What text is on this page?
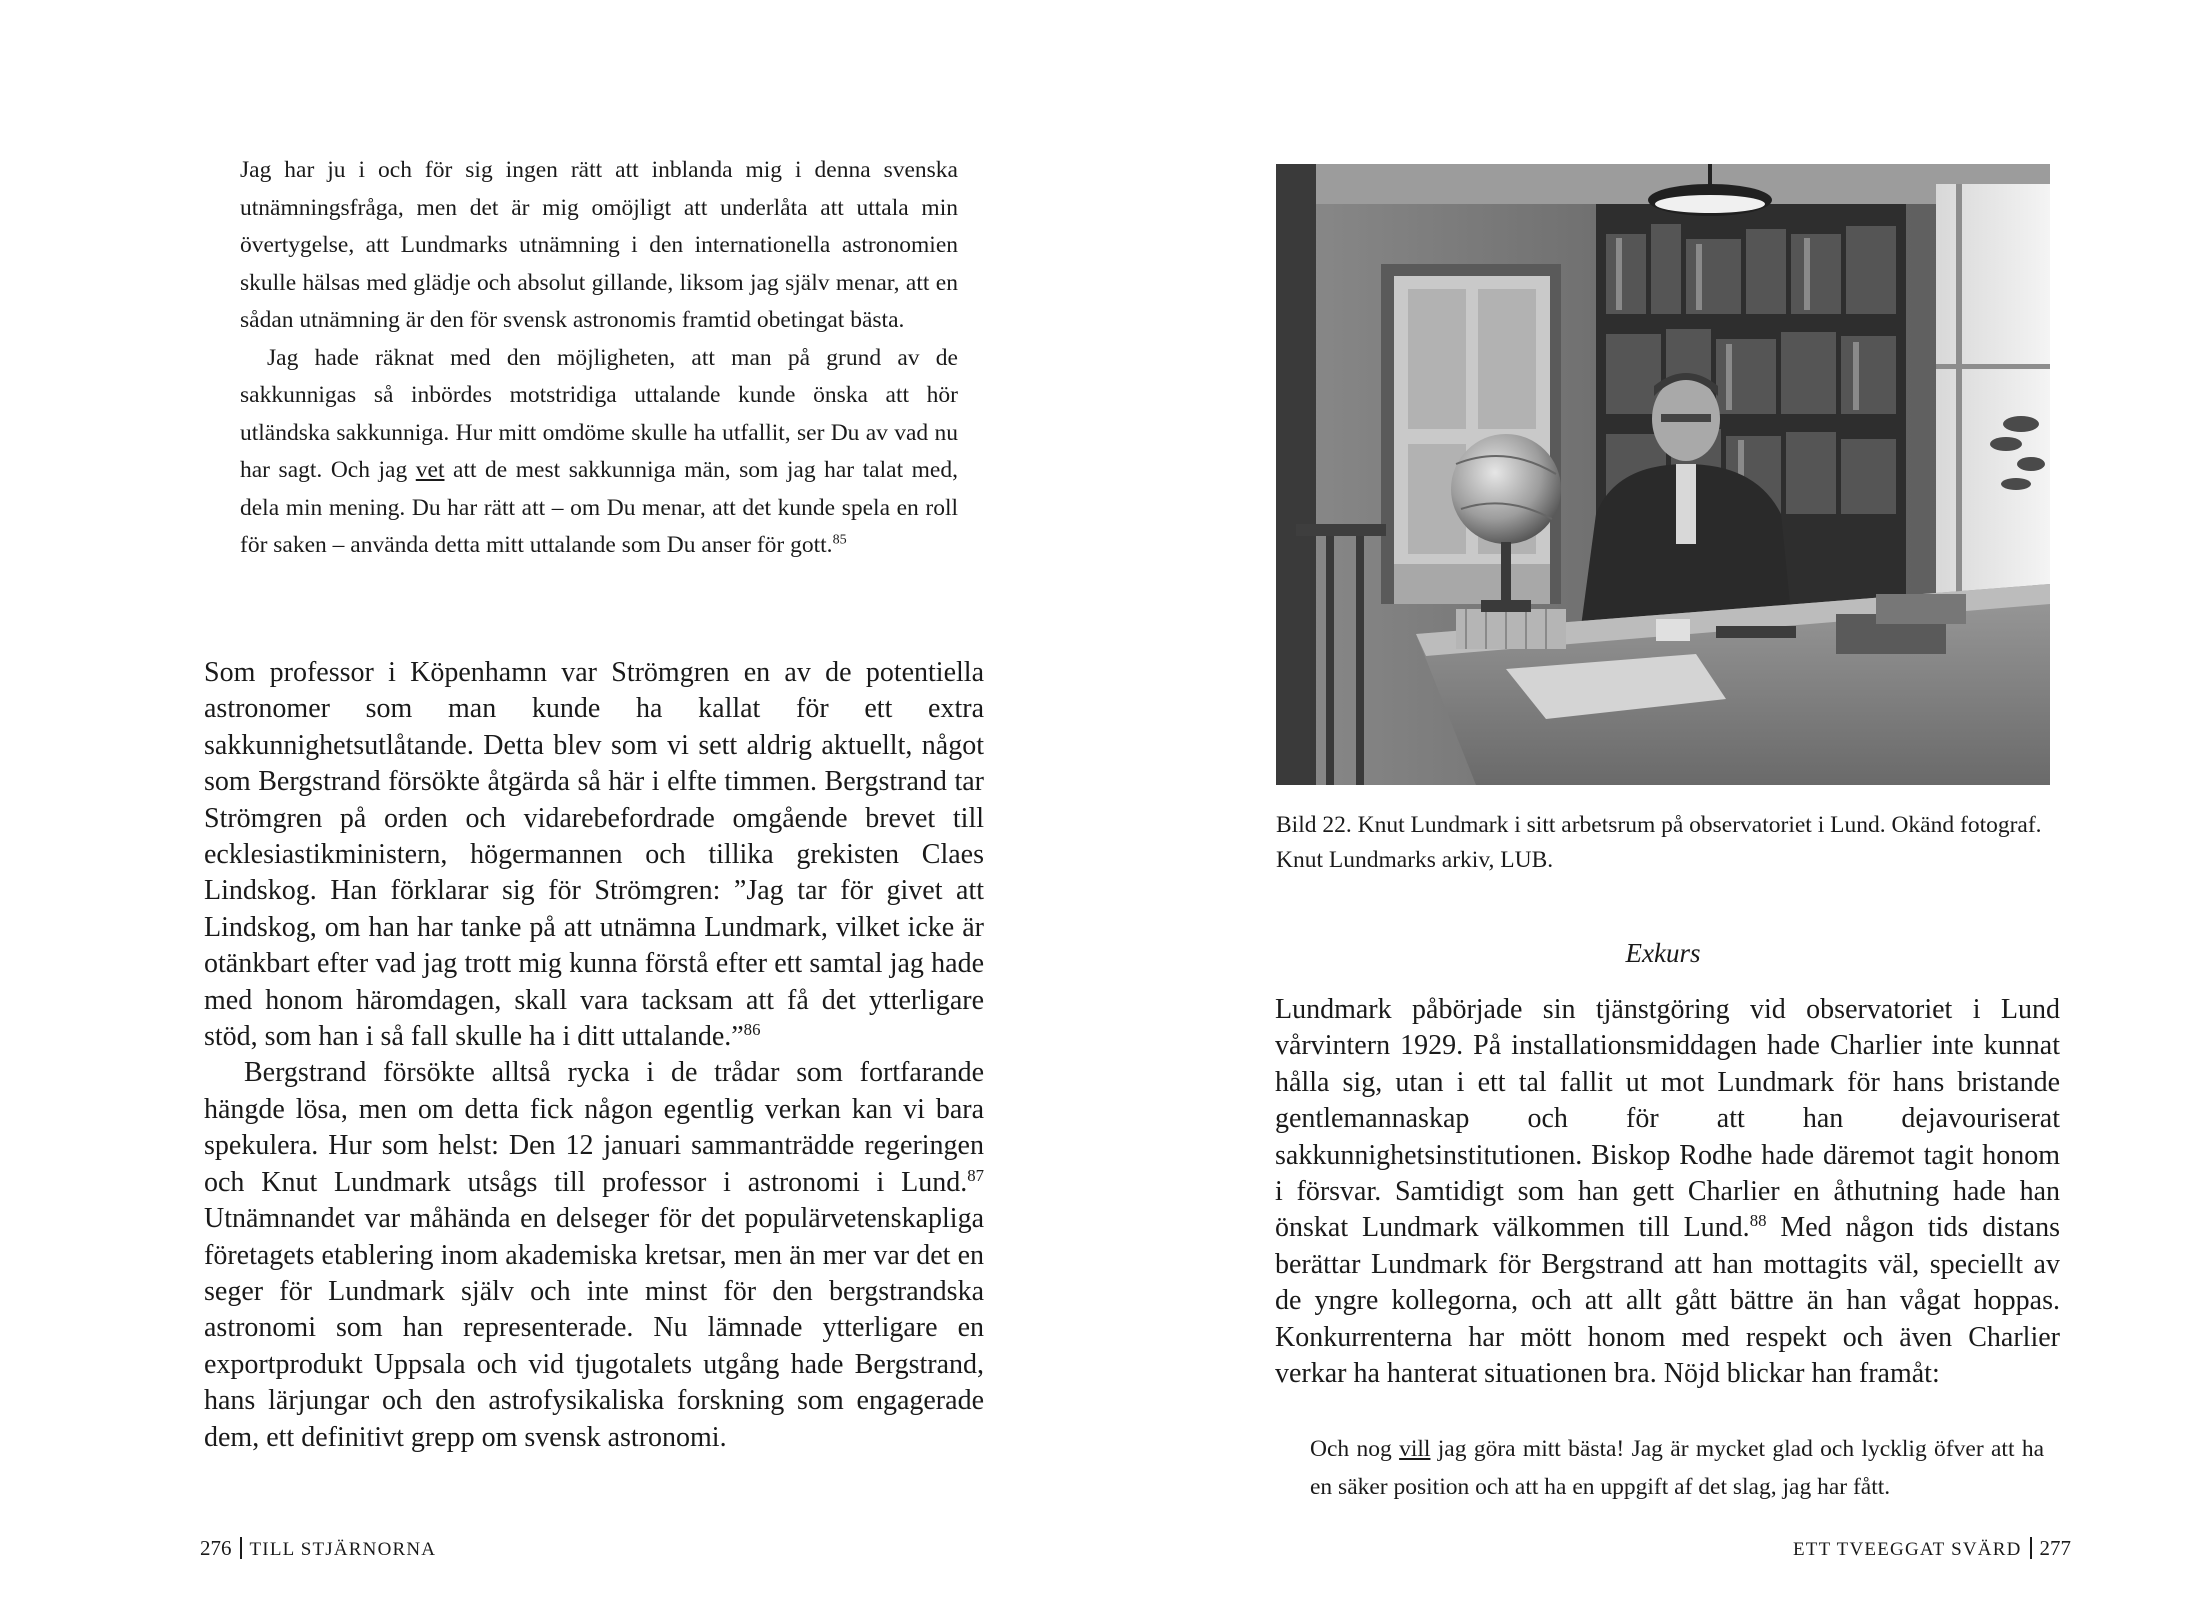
Jag har ju i och för sig ingen rätt att inblanda mig i denna svenska utnämningsfråga, men det är mig omöjligt att underlåta att uttala min övertygelse, att Lundmarks utnämning i den internationella astronomien skulle hälsas med glädje och absolut gillande, liksom jag själv menar, att en sådan utnämning är den för svensk astronomis framtid obetingat bästa.

Jag hade räknat med den möjligheten, att man på grund av de sakkunnigas så inbördes motstridiga uttalande kunde önska att hör utländska sakkunniga. Hur mitt omdöme skulle ha utfallit, ser Du av vad nu har sagt. Och jag vet att de mest sakkunniga män, som jag har talat med, dela min mening. Du har rätt att – om Du menar, att det kunde spela en roll för saken – använda detta mitt uttalande som Du anser för gott.$^{85}$

Som professor i Köpenhamn var Strömgren en av de potentiella astronomer som man kunde ha kallat för ett extra sakkunnighetsutlåtande. Detta blev som vi sett aldrig aktuellt, något som Bergstrand försökte åtgärda så här i elfte timmen. Bergstrand tar Strömgren på orden och vidarebefordrade omgående brevet till ecklesiastikministern, högermannen och tillika grekisten Claes Lindskog. Han förklarar sig för Strömgren: ”Jag tar för givet att Lindskog, om han har tanke på att utnämna Lundmark, vilket icke är otänkbart efter vad jag trott mig kunna förstå efter ett samtal jag hade med honom häromdagen, skall vara tacksam att få det ytterligare stöd, som han i så fall skulle ha i ditt uttalande.”$^{86}$

Bergstrand försökte alltså rycka i de trådar som fortfarande hängde lösa, men om detta fick någon egentlig verkan kan vi bara spekulera. Hur som helst: Den 12 januari sammanträdde regeringen och Knut Lundmark utsågs till professor i astronomi i Lund.$^{87}$ Utnämnandet var måhända en delseger för det populärvetenskapliga företagets etablering inom akademiska kretsar, men än mer var det en seger för Lundmark själv och inte minst för den bergstrandska astronomi som han representerade. Nu lämnade ytterligare en exportprodukt Uppsala och vid tjugotalets utgång hade Bergstrand, hans lärjungar och den astrofysikaliska forskning som engagerade dem, ett definitivt grepp om svensk astronomi.

276 TILL STJÄRNORNA
Bild 22. Knut Lundmark i sitt arbetsrum på observatoriet i Lund. Okänd fotograf. Knut Lundmarks arkiv, LUB.
Exkurs

Lundmark påbörjade sin tjänstgöring vid observatoriet i Lund vårvintern 1929. På installationsmiddagen hade Charlier inte kunnat hålla sig, utan i ett tal fallit ut mot Lundmark för hans bristande gentlemannaskap och för att han dejavouriserat sakkunnighetsinstitutionen. Biskop Rodhe hade däremot tagit honom i försvar. Samtidigt som han gett Charlier en åthutning hade han önskat Lundmark välkommen till Lund.$^{88}$ Med någon tids distans berättar Lundmark för Bergstrand att han mottagits väl, speciellt av de yngre kollegorna, och att allt gått bättre än han vågat hoppas. Konkurrenterna har mött honom med respekt och även Charlier verkar ha hanterat situationen bra. Nöjd blickar han framåt:

Och nog vill jag göra mitt bästa! Jag är mycket glad och lycklig öfver att ha en säker position och att ha en uppgift af det slag, jag har fått.

ETT TVEEGGAT SVÄRD 277
